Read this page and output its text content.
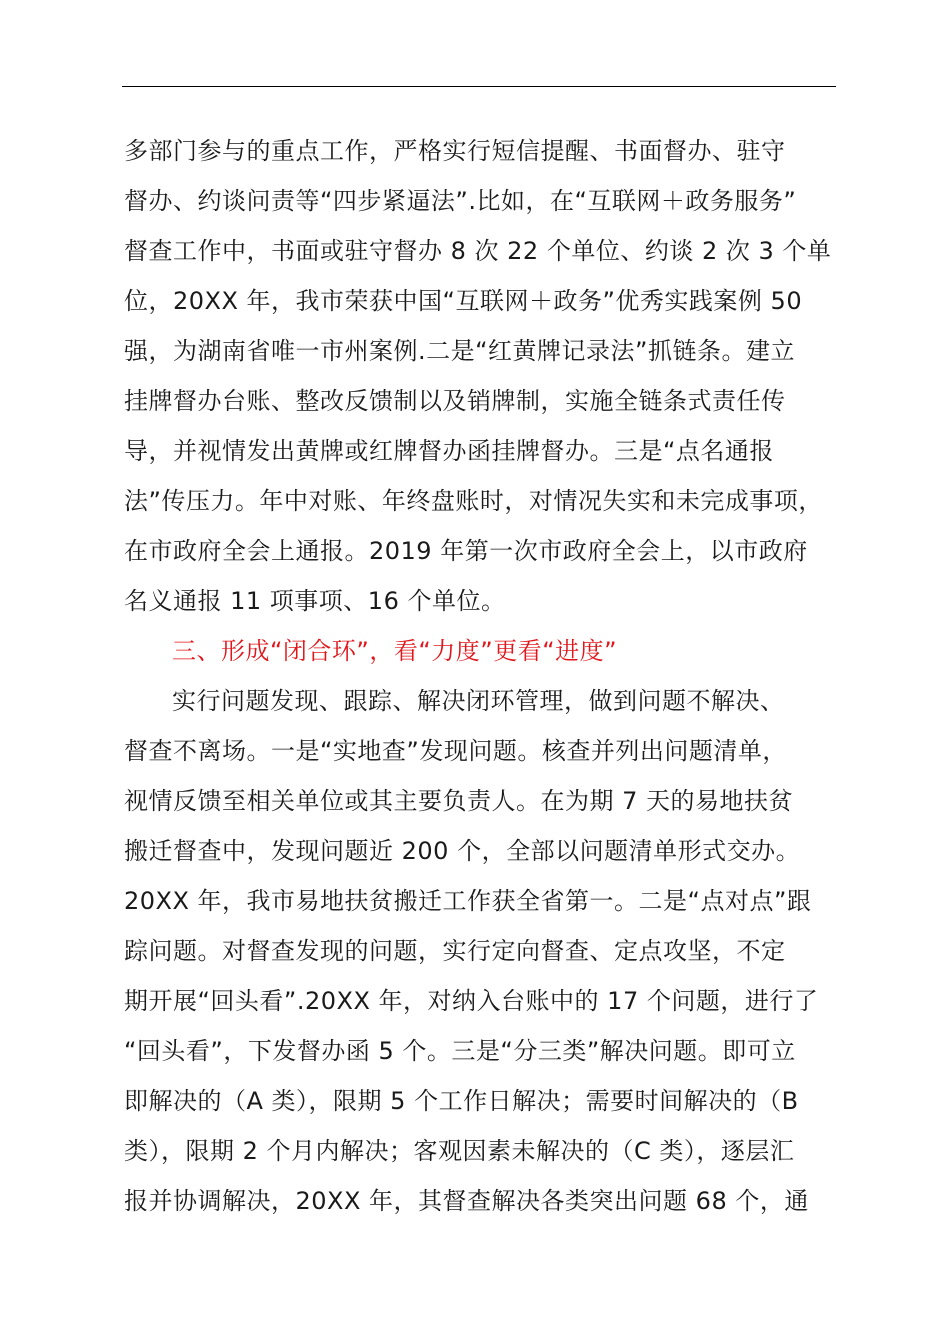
多部门参与的重点工作，严格实行短信提醒、书面督办、驻守
督办、约谈问责等“四步紧逼法”.比如，在“互联网＋政务服务”
督查工作中，书面或驻守督办 8 次 22 个单位、约谈 2 次 3 个单
位，20XX 年，我市荣获中国“互联网＋政务”优秀实践案例 50
强，为湖南省唯一市州案例.二是“红黄牌记录法”抓链条。建立
挂牌督办台账、整改反馈制以及销牌制，实施全链条式责任传
导，并视情发出黄牌或红牌督办函挂牌督办。三是“点名通报
法”传压力。年中对账、年终盘账时，对情况失实和未完成事项，
在市政府全会上通报。2019 年第一次市政府全会上，以市政府
名义通报 11 项事项、16 个单位。
三、形成“闭合环”，看“力度”更看“进度”
实行问题发现、跟踪、解决闭环管理，做到问题不解决、
督查不离场。一是“实地查”发现问题。核查并列出问题清单，
视情反馈至相关单位或其主要负责人。在为期 7 天的易地扶贫
搬迁督查中，发现问题近 200 个，全部以问题清单形式交办。
20XX 年，我市易地扶贫搬迁工作获全省第一。二是“点对点”跟
踪问题。对督查发现的问题，实行定向督查、定点攻坚，不定
期开展“回头看”.20XX 年，对纳入台账中的 17 个问题，进行了
“回头看”，下发督办函 5 个。三是“分三类”解决问题。即可立
即解决的（A 类），限期 5 个工作日解决；需要时间解决的（B
类），限期 2 个月内解决；客观因素未解决的（C 类），逐层汇
报并协调解决，20XX 年，其督查解决各类突出问题 68 个，通
